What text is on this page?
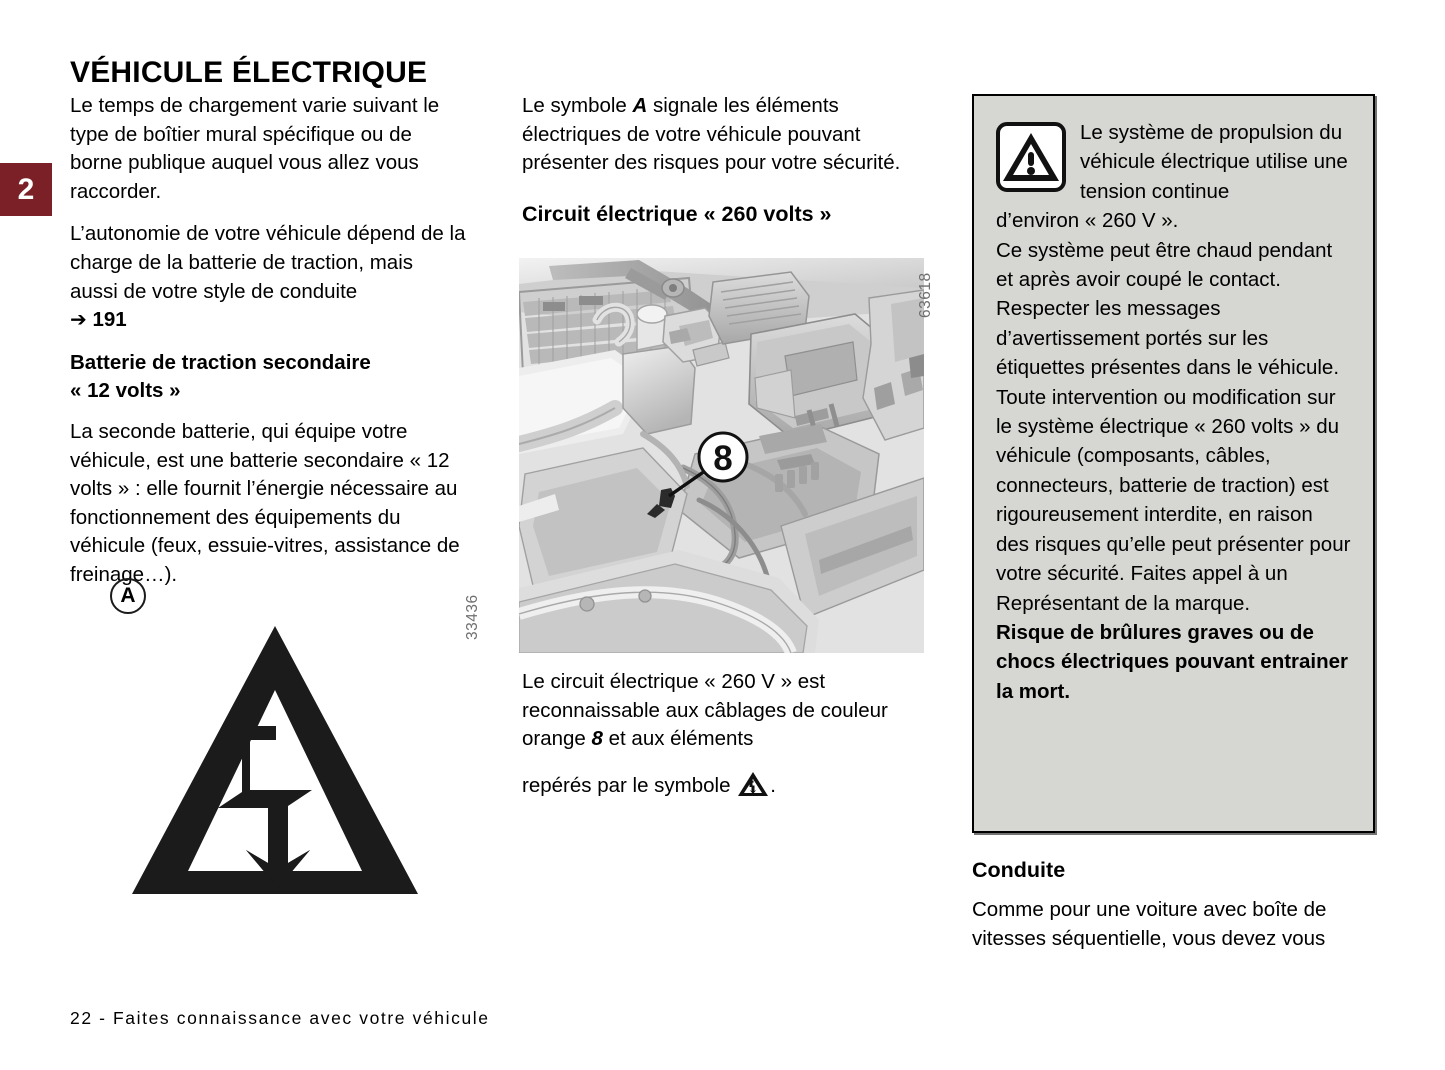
2
VÉHICULE ÉLECTRIQUE

Le temps de chargement varie suivant le type de boîtier mural spécifique ou de borne publique auquel vous allez vous raccorder.

L’autonomie de votre véhicule dépend de la charge de la batterie de traction, mais aussi de votre style de conduite
➔ 191

Batterie de traction secondaire
« 12 volts »

La seconde batterie, qui équipe votre véhicule, est une batterie secondaire « 12 volts » : elle fournit l’énergie nécessaire au fonctionnement des équipements du véhicule (feux, essuie-vitres, assistance de freinage…).

A	33436

Le symbole A signale les éléments électriques de votre véhicule pouvant présenter des risques pour votre sécurité.

Circuit électrique « 260 volts »
8
63618

Le circuit électrique « 260 V » est reconnaissable aux câblages de couleur orange 8 et aux éléments

repérés par le symbole .

Le système de propulsion du véhicule électrique utilise une tension continue

d’environ « 260 V ».

Ce système peut être chaud pendant et après avoir coupé le contact. Respecter les messages d’avertissement portés sur les étiquettes présentes dans le véhicule.

Toute intervention ou modification sur le système électrique « 260 volts » du véhicule (composants, câbles, connecteurs, batterie de traction) est rigoureusement interdite, en raison des risques qu’elle peut présenter pour votre sécurité. Faites appel à un Représentant de la marque.

Risque de brûlures graves ou de chocs électriques pouvant entrainer la mort.

Conduite

Comme pour une voiture avec boîte de vitesses séquentielle, vous devez vous

22 - Faites connaissance avec votre véhicule
